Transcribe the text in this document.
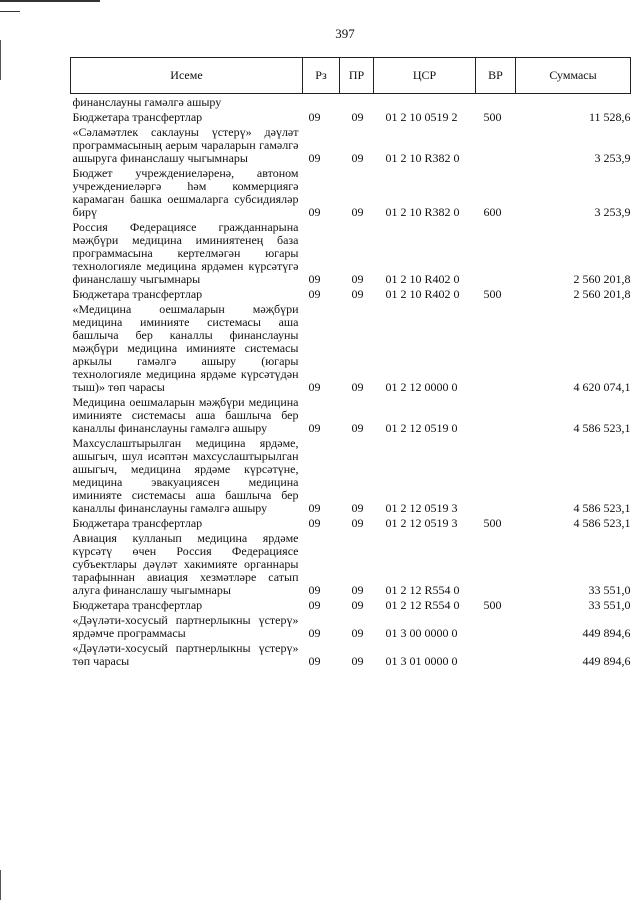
397
Исеме	Рз	ПР	ЦСР	ВР	Суммасы
финанслауны гамәлгә ашыру					
Бюджетара трансфертлар	09	09	01 2 10 0519 2	500	11 528,6
«Сәламәтлек саклауны үстерү» дәүләт программасының аерым чараларын гамәлгә ашыруга финанслашу чыгымнары	09	09	01 2 10 R382 0		3 253,9
Бюджет учреждениеләренә, автоном учреждениеләргә һәм коммерциягә карамаган башка оешмаларга субсидияләр бирү	09	09	01 2 10 R382 0	600	3 253,9
Россия Федерациясе гражданнарына мәҗбүри медицина иминиятенең база программасына кертелмәгән югары технологияле медицина ярдәмен күрсәтүгә финанслашу чыгымнары	09	09	01 2 10 R402 0		2 560 201,8
Бюджетара трансфертлар	09	09	01 2 10 R402 0	500	2 560 201,8
«Медицина оешмаларын мәҗбүри медицина иминияте системасы аша башлыча бер каналлы финанслауны мәҗбүри медицина иминияте системасы аркылы гамәлгә ашыру (югары технологияле медицина ярдәме күрсәтүдән тыш)» төп чарасы	09	09	01 2 12 0000 0		4 620 074,1
Медицина оешмаларын мәҗбүри медицина иминияте системасы аша башлыча бер каналлы финанслауны гамәлгә ашыру	09	09	01 2 12 0519 0		4 586 523,1
Махсуслаштырылган медицина ярдәме, ашыгыч, шул исәптән махсуслаштырылган ашыгыч, медицина ярдәме күрсәтүне, медицина эвакуациясен медицина иминияте системасы аша башлыча бер каналлы финанслауны гамәлгә ашыру	09	09	01 2 12 0519 3		4 586 523,1
Бюджетара трансфертлар	09	09	01 2 12 0519 3	500	4 586 523,1
Авиация кулланып медицина ярдәме күрсәтү өчен Россия Федерациясе субъектлары дәүләт хакимияте органнары тарафыннан авиация хезмәтләре сатып алуга финанслашу чыгымнары	09	09	01 2 12 R554 0		33 551,0
Бюджетара трансфертлар	09	09	01 2 12 R554 0	500	33 551,0
«Дәүләти-хосусый партнерлыкны үстерү» ярдәмче программасы	09	09	01 3 00 0000 0		449 894,6
«Дәүләти-хосусый партнерлыкны үстерү» төп чарасы	09	09	01 3 01 0000 0		449 894,6
